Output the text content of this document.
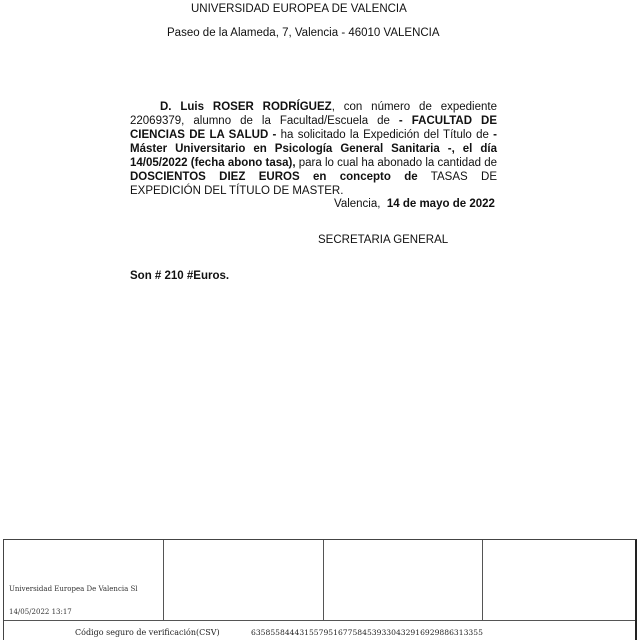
UNIVERSIDAD EUROPEA DE VALENCIA
Paseo de la Alameda, 7, Valencia - 46010 VALENCIA

D. Luis ROSER RODRÍGUEZ, con número de expediente 22069379, alumno de la Facultad/Escuela de - FACULTAD DE CIENCIAS DE LA SALUD - ha solicitado la Expedición del Título de - Máster Universitario en Psicología General Sanitaria -, el día 14/05/2022 (fecha abono tasa), para lo cual ha abonado la cantidad de DOSCIENTOS DIEZ EUROS en concepto de TASAS DE EXPEDICIÓN DEL TÍTULO DE MASTER.

Valencia, 14 de mayo de 2022
SECRETARIA GENERAL
Son # 210 #Euros.
Universidad Europea De Valencia Sl
14/05/2022 13:17
Código seguro de verificación(CSV)	635855844431557951677584539330432916929886313355
